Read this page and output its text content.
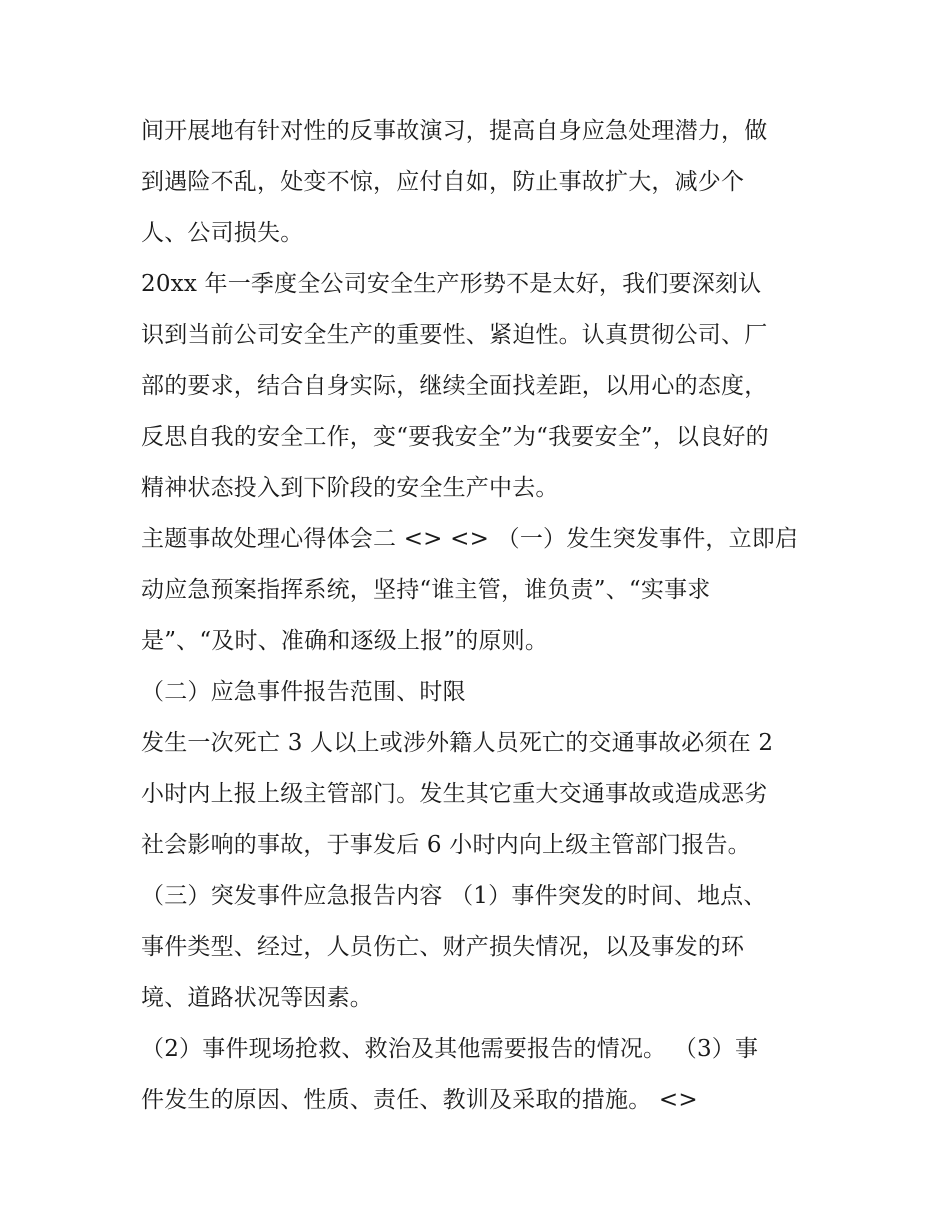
间开展地有针对性的反事故演习，提高自身应急处理潜力，做
到遇险不乱，处变不惊，应付自如，防止事故扩大，减少个
人、公司损失。
20xx 年一季度全公司安全生产形势不是太好，我们要深刻认
识到当前公司安全生产的重要性、紧迫性。认真贯彻公司、厂
部的要求，结合自身实际，继续全面找差距，以用心的态度，
反思自我的安全工作，变“要我安全”为“我要安全”，以良好的
精神状态投入到下阶段的安全生产中去。
主题事故处理心得体会二 <> <> （一）发生突发事件，立即启
动应急预案指挥系统，坚持“谁主管，谁负责”、“实事求
是”、“及时、准确和逐级上报”的原则。
（二）应急事件报告范围、时限
发生一次死亡 3 人以上或涉外籍人员死亡的交通事故必须在 2
小时内上报上级主管部门。发生其它重大交通事故或造成恶劣
社会影响的事故，于事发后 6 小时内向上级主管部门报告。
（三）突发事件应急报告内容 （1）事件突发的时间、地点、
事件类型、经过，人员伤亡、财产损失情况，以及事发的环
境、道路状况等因素。
（2）事件现场抢救、救治及其他需要报告的情况。 （3）事
件发生的原因、性质、责任、教训及采取的措施。 <>
